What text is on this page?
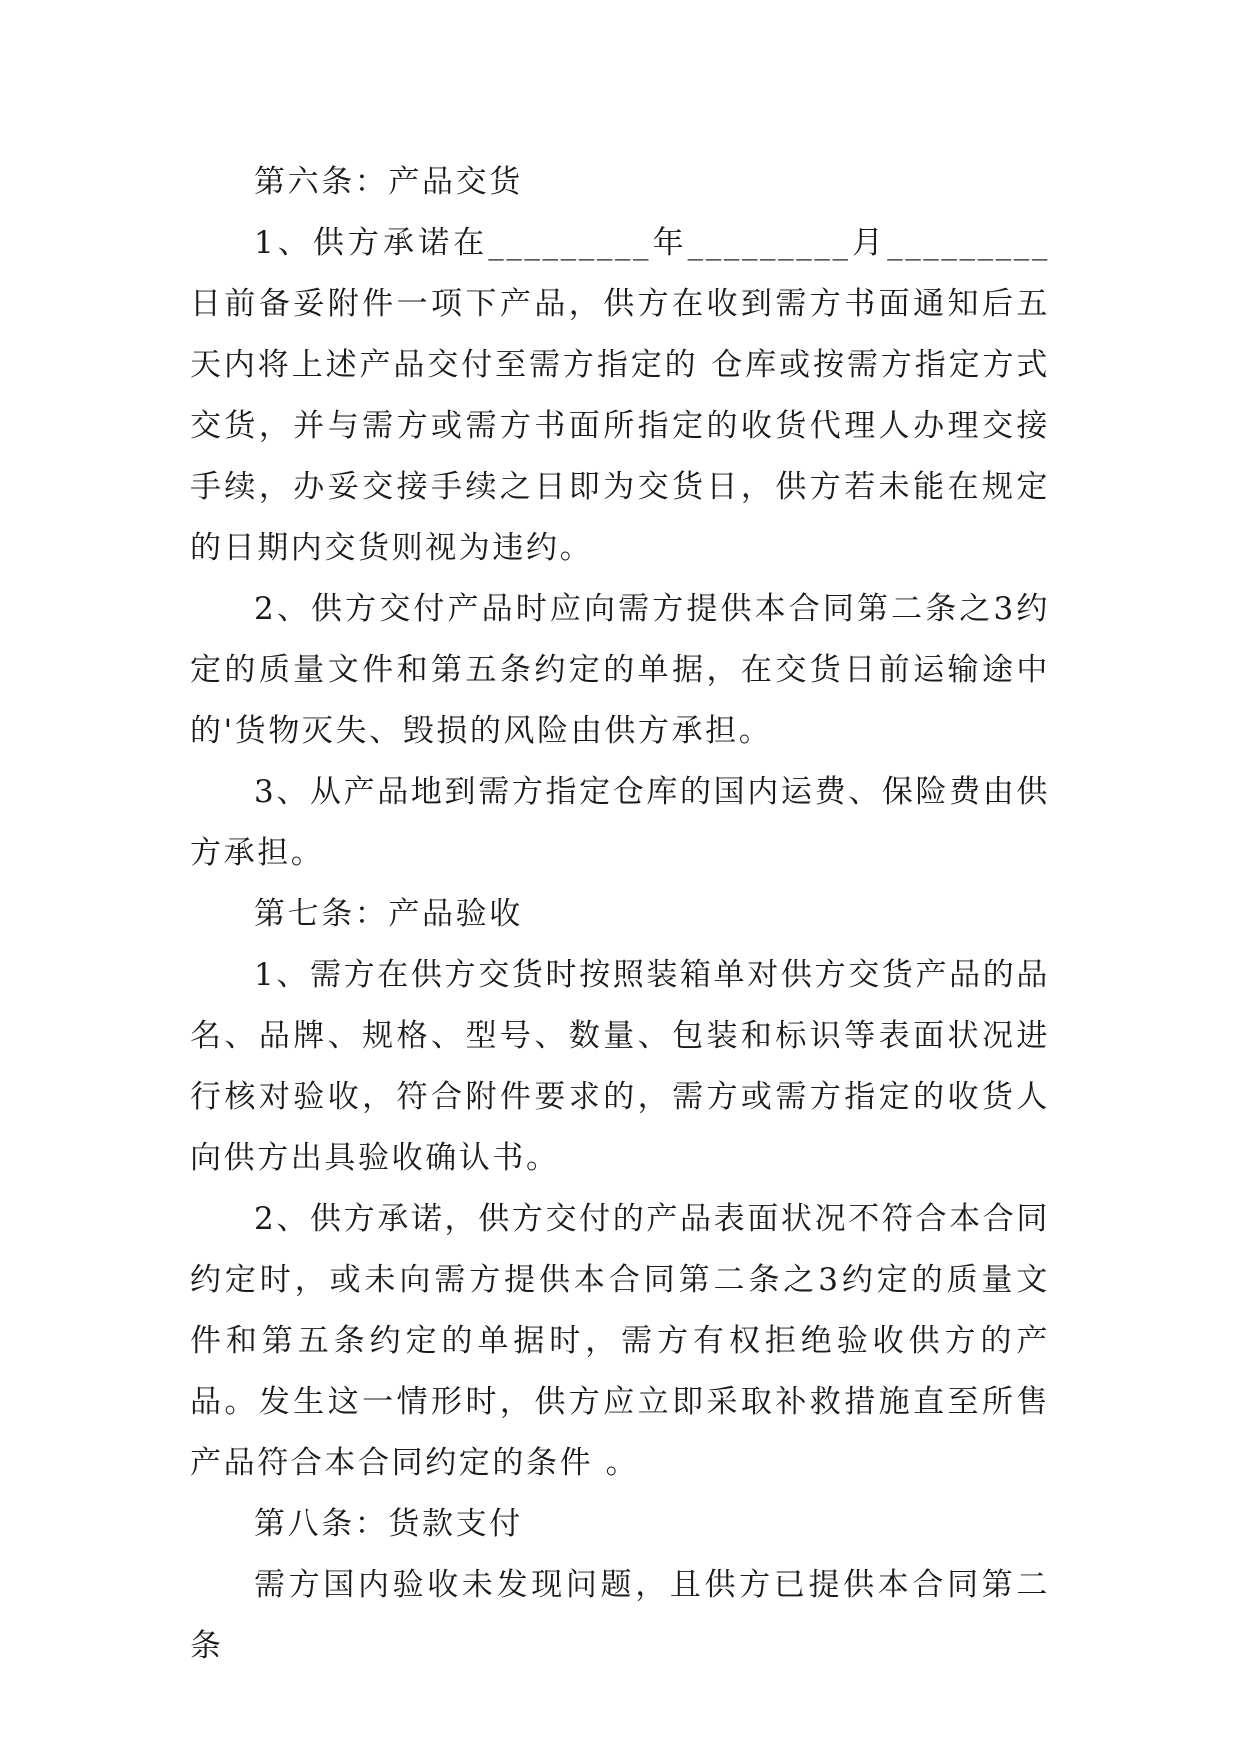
第六条：产品交货

1、供方承诺在_________年_________月_________日前备妥附件一项下产品，供方在收到需方书面通知后五天内将上述产品交付至需方指定的 仓库或按需方指定方式交货，并与需方或需方书面所指定的收货代理人办理交接手续，办妥交接手续之日即为交货日，供方若未能在规定的日期内交货则视为违约。

2、供方交付产品时应向需方提供本合同第二条之3约定的质量文件和第五条约定的单据，在交货日前运输途中的'货物灭失、毁损的风险由供方承担。

3、从产品地到需方指定仓库的国内运费、保险费由供方承担。

第七条：产品验收

1、需方在供方交货时按照装箱单对供方交货产品的品名、品牌、规格、型号、数量、包装和标识等表面状况进行核对验收，符合附件要求的，需方或需方指定的收货人向供方出具验收确认书。

2、供方承诺，供方交付的产品表面状况不符合本合同约定时，或未向需方提供本合同第二条之3约定的质量文件和第五条约定的单据时，需方有权拒绝验收供方的产品。发生这一情形时，供方应立即采取补救措施直至所售产品符合本合同约定的条件 。

第八条：货款支付

需方国内验收未发现问题，且供方已提供本合同第二条
